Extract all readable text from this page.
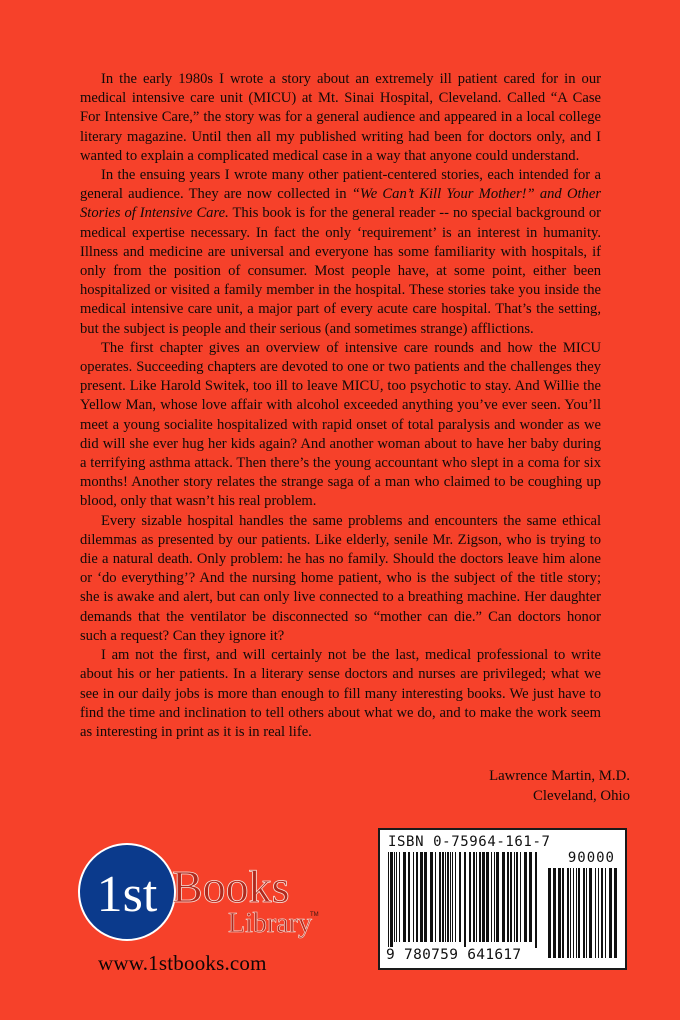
In the early 1980s I wrote a story about an extremely ill patient cared for in our medical intensive care unit (MICU) at Mt. Sinai Hospital, Cleveland. Called “A Case For Intensive Care,” the story was for a general audience and appeared in a local college literary magazine. Until then all my published writing had been for doctors only, and I wanted to explain a complicated medical case in a way that anyone could understand.

In the ensuing years I wrote many other patient-centered stories, each intended for a general audience. They are now collected in “We Can’t Kill Your Mother!” and Other Stories of Intensive Care. This book is for the general reader -- no special background or medical expertise necessary. In fact the only ‘requirement’ is an interest in humanity. Illness and medicine are universal and everyone has some familiarity with hospitals, if only from the position of consumer. Most people have, at some point, either been hospitalized or visited a family member in the hospital. These stories take you inside the medical intensive care unit, a major part of every acute care hospital. That’s the setting, but the subject is people and their serious (and sometimes strange) afflictions.

The first chapter gives an overview of intensive care rounds and how the MICU operates. Succeeding chapters are devoted to one or two patients and the challenges they present. Like Harold Switek, too ill to leave MICU, too psychotic to stay. And Willie the Yellow Man, whose love affair with alcohol exceeded anything you’ve ever seen. You’ll meet a young socialite hospitalized with rapid onset of total paralysis and wonder as we did will she ever hug her kids again? And another woman about to have her baby during a terrifying asthma attack. Then there’s the young accountant who slept in a coma for six months! Another story relates the strange saga of a man who claimed to be coughing up blood, only that wasn’t his real problem.

Every sizable hospital handles the same problems and encounters the same ethical dilemmas as presented by our patients. Like elderly, senile Mr. Zigson, who is trying to die a natural death. Only problem: he has no family. Should the doctors leave him alone or ‘do everything’? And the nursing home patient, who is the subject of the title story; she is awake and alert, but can only live connected to a breathing machine. Her daughter demands that the ventilator be disconnected so “mother can die.” Can doctors honor such a request? Can they ignore it?

I am not the first, and will certainly not be the last, medical professional to write about his or her patients. In a literary sense doctors and nurses are privileged; what we see in our daily jobs is more than enough to fill many interesting books. We just have to find the time and inclination to tell others about what we do, and to make the work seem as interesting in print as it is in real life.

Lawrence Martin, M.D.
Cleveland, Ohio
1st Books
Library
TM
www.1stbooks.com
ISBN 0-75964-161-7
90000
9 780759 641617
